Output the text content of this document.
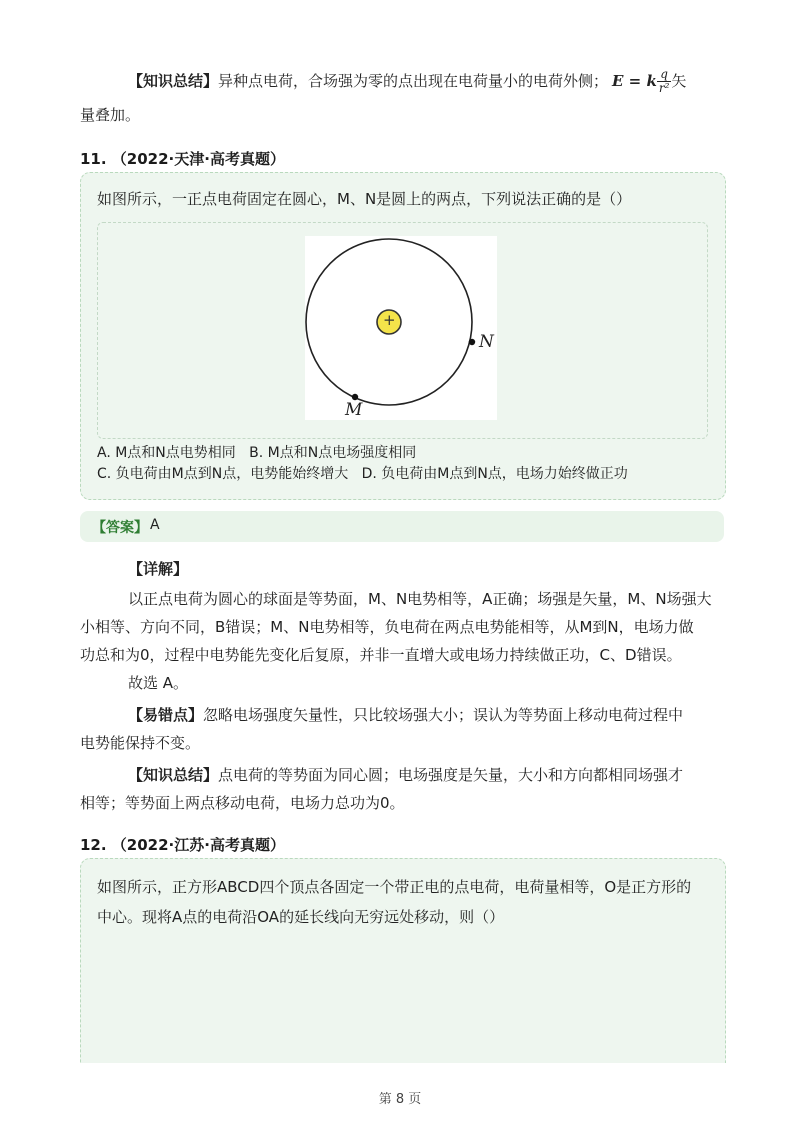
【知识总结】异种点电荷，合场强为零的点出现在电荷量小的电荷外侧； E = k $\frac{q}{\text{r²}}$ 矢
量叠加。
11. （2022·天津·高考真题）
如图所示，一正点电荷固定在圆心，M、N是圆上的两点，下列说法正确的是（）
+
N
M
A. M点和N点电势相同   B. M点和N点电场强度相同
C. 负电荷由M点到N点，电势能始终增大   D. 负电荷由M点到N点，电场力始终做正功
【答案】 A
【详解】
以正点电荷为圆心的球面是等势面，M、N电势相等，A正确；场强是矢量，M、N场强大
小相等、方向不同，B错误；M、N电势相等，负电荷在两点电势能相等，从M到N，电场力做
功总和为0，过程中电势能先变化后复原，并非一直增大或电场力持续做正功，C、D错误。
故选 A。
【易错点】忽略电场强度矢量性，只比较场强大小；误认为等势面上移动电荷过程中
电势能保持不变。
【知识总结】点电荷的等势面为同心圆；电场强度是矢量，大小和方向都相同场强才
相等；等势面上两点移动电荷，电场力总功为0。
12. （2022·江苏·高考真题）
如图所示，正方形ABCD四个顶点各固定一个带正电的点电荷，电荷量相等，O是正方形的
中心。现将A点的电荷沿OA的延长线向无穷远处移动，则（）
第 8 页
